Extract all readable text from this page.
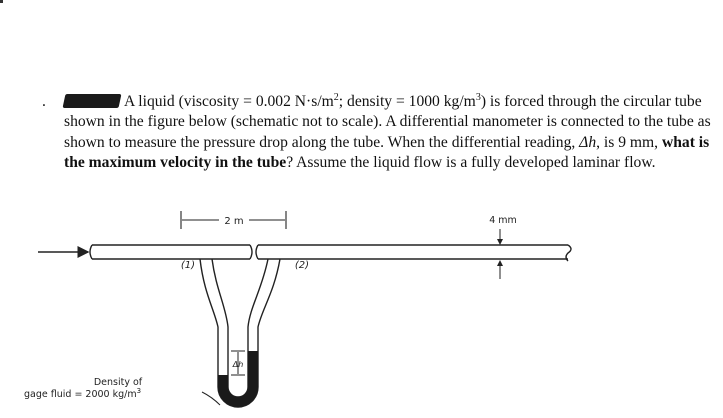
.	A liquid (viscosity = 0.002 $N\cdot s/m^2$; density = 1000 $kg/m^3$) is forced through the circular tube shown in the figure below (schematic not to scale). A differential manometer is connected to the tube as shown to measure the pressure drop along the tube. When the differential reading, Δh, is 9 mm, what is the maximum velocity in the tube? Assume the liquid flow is a fully developed laminar flow.
2 m	4 mm
(1)	(2)
Δh
Density of
gage fluid = 2000 $kg/m^3$
